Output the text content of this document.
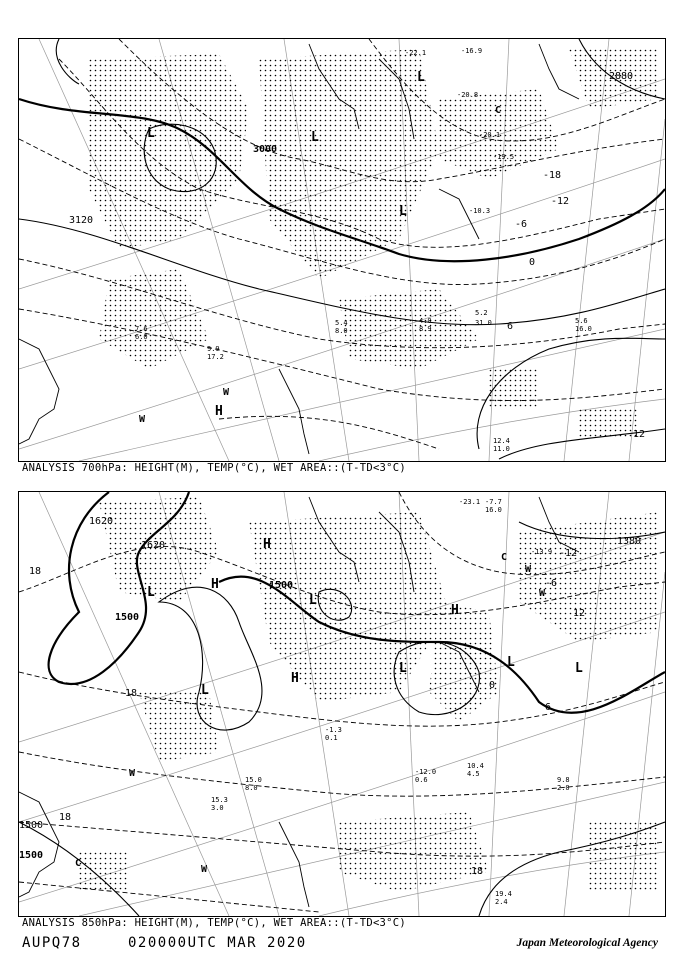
3120
3000
2880
0
-6
-12
-18
6
12
L	L
L
L
H
W
W
C
-16.9
-22.1
-20.8
-19.5
-20.1
-10.3
5.2
31.0	5.6
16.0
12.4
11.0
4.0
8.9
5.4
8.0
7.6
6.0
9.9
17.2
ANALYSIS 700hPa: HEIGHT(M), TEMP(°C), WET AREA::(T-TD<3°C)
1500
1500
1500
1380
1620
1620
1500
18
-18
12
0
-12
-6
6
18
18
L
L
L
L	L	L
H
H
H
H
C
C
W
W
W
W
-23.1
16.0
-7.7
-13.9
10.4
4.5
9.8
2.0
15.3
3.0
15.0
8.0
-1.3
0.1
19.4
2.4
-12.0
0.6
ANALYSIS 850hPa: HEIGHT(M), TEMP(°C), WET AREA::(T-TD<3°C)
AUPQ78	020000UTC MAR 2020	Japan Meteorological Agency
